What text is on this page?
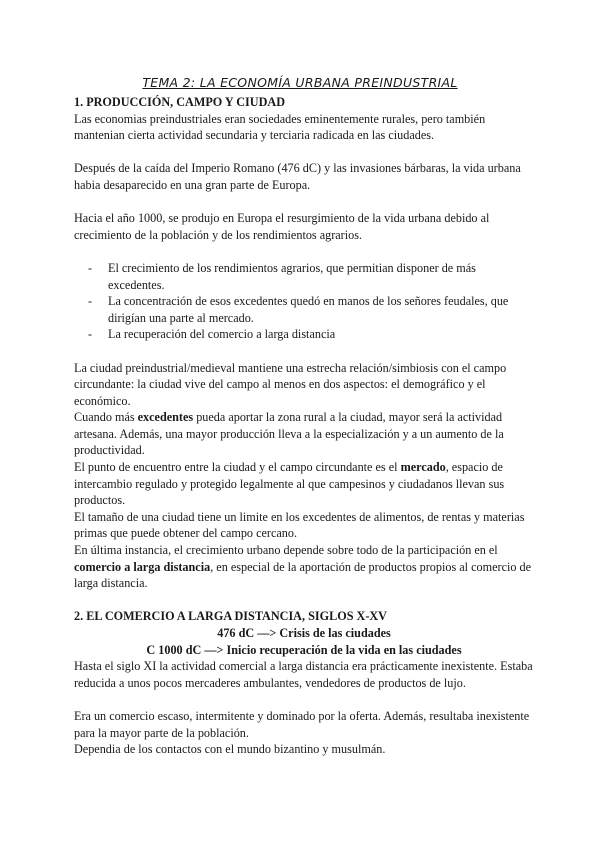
TEMA 2: LA ECONOMÍA URBANA PREINDUSTRIAL
1. PRODUCCIÓN, CAMPO Y CIUDAD

Las economias preindustriales eran sociedades eminentemente rurales, pero también mantenian cierta actividad secundaria y terciaria radicada en las ciudades.

Después de la caída del Imperio Romano (476 dC) y las invasiones bárbaras, la vida urbana habia desaparecido en una gran parte de Europa.

Hacia el año 1000, se produjo en Europa el resurgimiento de la vida urbana debido al crecimiento de la población y de los rendimientos agrarios.

- El crecimiento de los rendimientos agrarios, que permitian disponer de más excedentes.
- La concentración de esos excedentes quedó en manos de los señores feudales, que dirigían una parte al mercado.
- La recuperación del comercio a larga distancia

La ciudad preindustrial/medieval mantiene una estrecha relación/simbiosis con el campo circundante: la ciudad vive del campo al menos en dos aspectos: el demográfico y el económico.

Cuando más excedentes pueda aportar la zona rural a la ciudad, mayor será la actividad artesana. Además, una mayor producción lleva a la especialización y a un aumento de la productividad.

El punto de encuentro entre la ciudad y el campo circundante es el mercado, espacio de intercambio regulado y protegido legalmente al que campesinos y ciudadanos llevan sus productos.

El tamaño de una ciudad tiene un limite en los excedentes de alimentos, de rentas y materias primas que puede obtener del campo cercano.

En última instancia, el crecimiento urbano depende sobre todo de la participación en el comercio a larga distancia, en especial de la aportación de productos propios al comercio de larga distancia.

2. EL COMERCIO A LARGA DISTANCIA, SIGLOS X-XV

476 dC —> Crisis de las ciudades

C 1000 dC —> Inicio recuperación de la vida en las ciudades

Hasta el siglo XI la actividad comercial a larga distancia era prácticamente inexistente. Estaba reducida a unos pocos mercaderes ambulantes, vendedores de productos de lujo.

Era un comercio escaso, intermitente y dominado por la oferta. Además, resultaba inexistente para la mayor parte de la población.

Dependia de los contactos con el mundo bizantino y musulmán.
